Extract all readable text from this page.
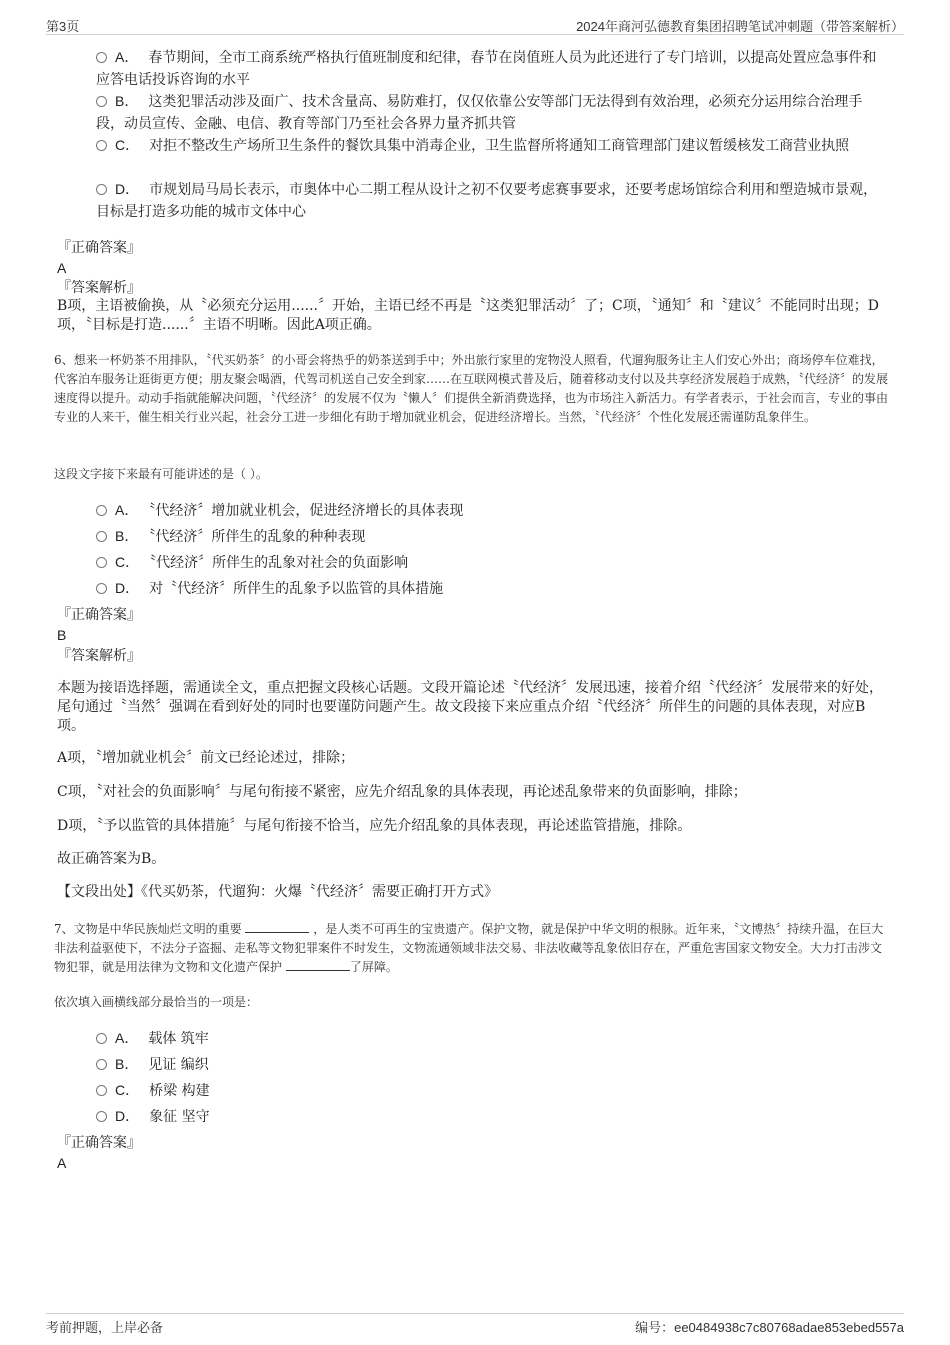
第3页	2024年商河弘德教育集团招聘笔试冲刺题（带答案解析）
A． 春节期间，全市工商系统严格执行值班制度和纪律，春节在岗值班人员为此还进行了专门培训，以提高处置应急事件和应答电话投诉咨询的水平
B． 这类犯罪活动涉及面广、技术含量高、易防难打，仅仅依靠公安等部门无法得到有效治理，必须充分运用综合治理手段，动员宣传、金融、电信、教育等部门乃至社会各界力量齐抓共管
C． 对拒不整改生产场所卫生条件的餐饮具集中消毒企业，卫生监督所将通知工商管理部门建议暂缓核发工商营业执照
D． 市规划局马局长表示，市奥体中心二期工程从设计之初不仅要考虑赛事要求，还要考虑场馆综合利用和塑造城市景观，目标是打造多功能的城市文体中心
『正确答案』
A
『答案解析』
B项，主语被偷换，从〝必须充分运用......〞开始，主语已经不再是〝这类犯罪活动〞了；C项，〝通知〞和〝建议〞不能同时出现；D项，〝目标是打造......〞主语不明晰。因此A项正确。
6、想来一杯奶茶不用排队，〝代买奶茶〞的小哥会将热乎的奶茶送到手中；外出旅行家里的宠物没人照看，代遛狗服务让主人们安心外出；商场停车位难找，代客泊车服务让逛街更方便；朋友聚会喝酒，代驾司机送自己安全到家……在互联网模式普及后，随着移动支付以及共享经济发展趋于成熟，〝代经济〞的发展速度得以提升。动动手指就能解决问题，〝代经济〞的发展不仅为〝懒人〞们提供全新消费选择，也为市场注入新活力。有学者表示，于社会而言，专业的事由专业的人来干，催生相关行业兴起，社会分工进一步细化有助于增加就业机会，促进经济增长。当然，〝代经济〞个性化发展还需谨防乱象伴生。
这段文字接下来最有可能讲述的是（ ）。
A． 〝代经济〞增加就业机会，促进经济增长的具体表现
B． 〝代经济〞所伴生的乱象的种种表现
C． 〝代经济〞所伴生的乱象对社会的负面影响
D． 对〝代经济〞所伴生的乱象予以监管的具体措施
『正确答案』
B
『答案解析』
本题为接语选择题，需通读全文，重点把握文段核心话题。文段开篇论述〝代经济〞发展迅速，接着介绍〝代经济〞发展带来的好处，尾句通过〝当然〞强调在看到好处的同时也要谨防问题产生。故文段接下来应重点介绍〝代经济〞所伴生的问题的具体表现，对应B项。
A项，〝增加就业机会〞前文已经论述过，排除；
C项，〝对社会的负面影响〞与尾句衔接不紧密，应先介绍乱象的具体表现，再论述乱象带来的负面影响，排除；
D项，〝予以监管的具体措施〞与尾句衔接不恰当，应先介绍乱象的具体表现，再论述监管措施，排除。
故正确答案为B。
【文段出处】《代买奶茶，代遛狗：火爆〝代经济〞需要正确打开方式》
7、文物是中华民族灿烂文明的重要	，是人类不可再生的宝贵遗产。保护文物，就是保护中华文明的根脉。近年来，〝文博热〞持续升温，在巨大非法利益驱使下，不法分子盗掘、走私等文物犯罪案件不时发生，文物流通领域非法交易、非法收藏等乱象依旧存在，严重危害国家文物安全。大力打击涉文物犯罪，就是用法律为文物和文化遗产保护	了屏障。
依次填入画横线部分最恰当的一项是：
A． 载体 筑牢
B． 见证 编织
C． 桥梁 构建
D． 象征 坚守
『正确答案』
A
考前押题，上岸必备	编号：ee0484938c7c80768adae853ebed557a
